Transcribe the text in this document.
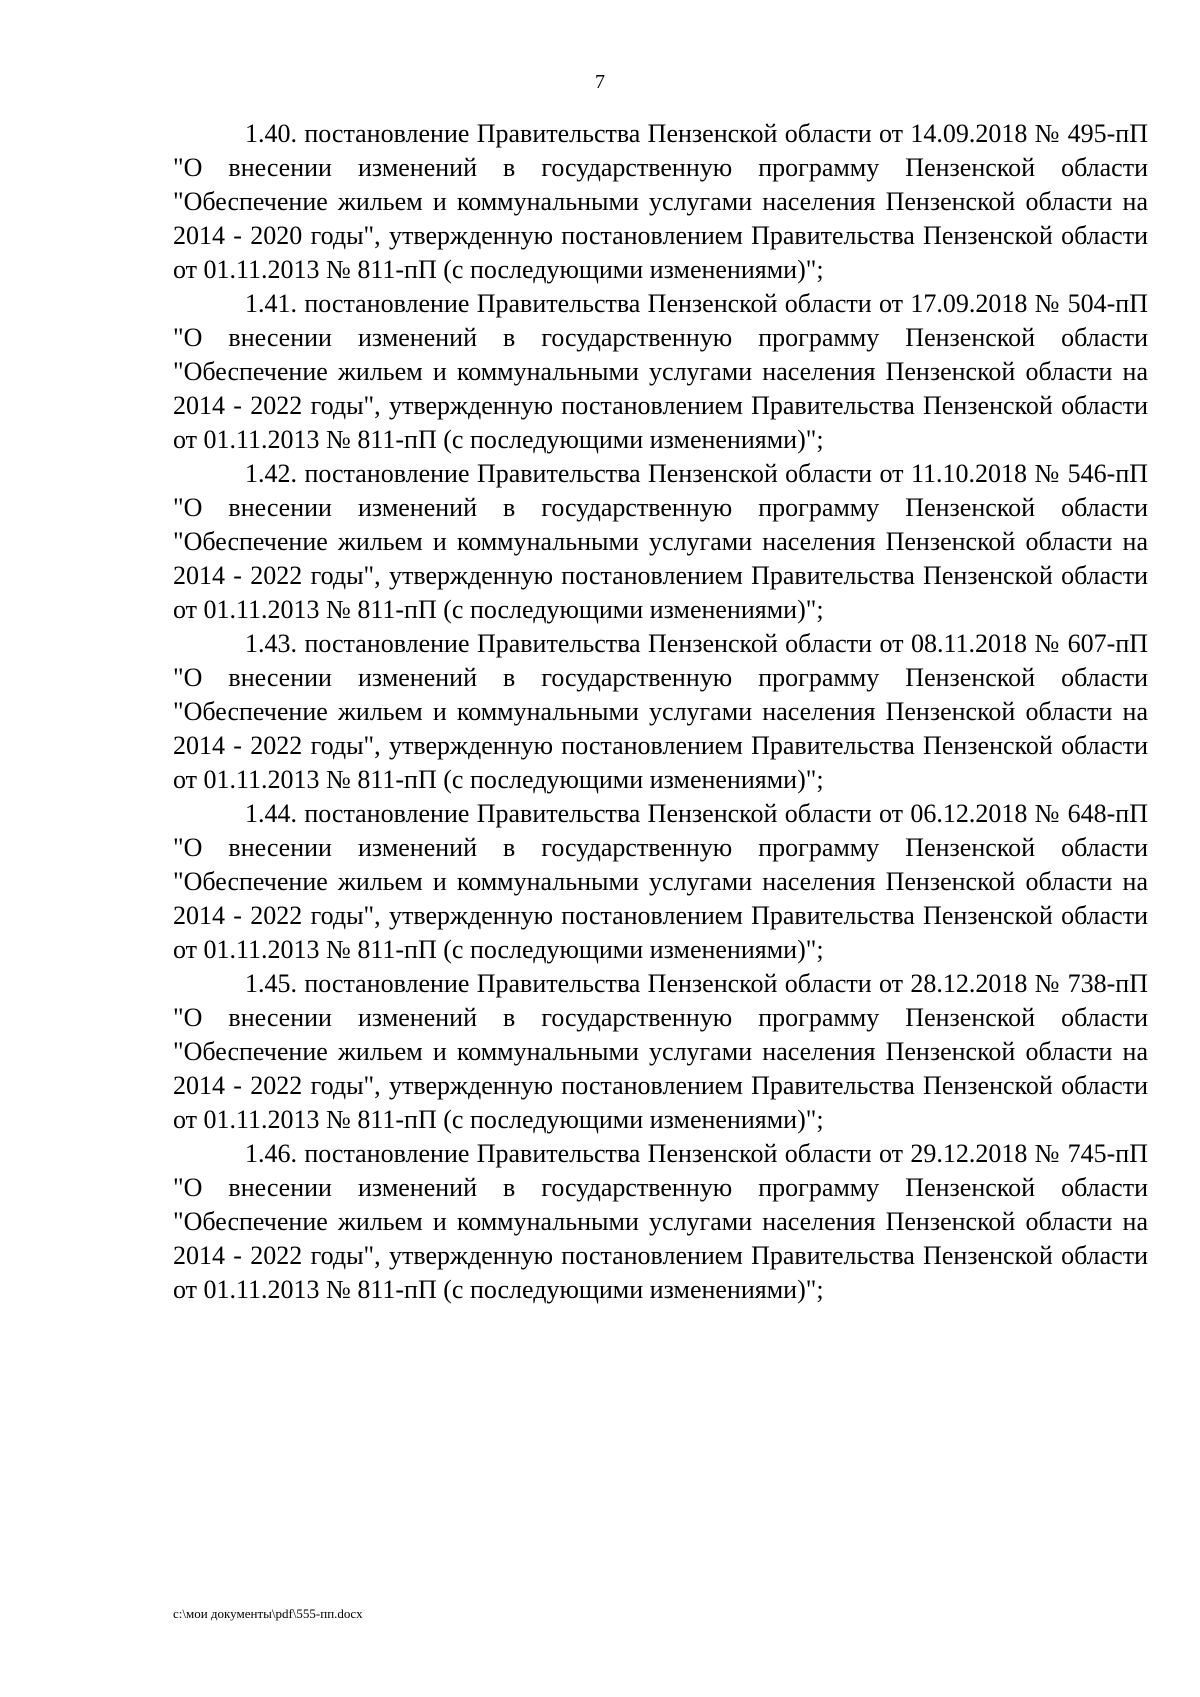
7

1.40. постановление Правительства Пензенской области от 14.09.2018 № 495-пП "О внесении изменений в государственную программу Пензенской области "Обеспечение жильем и коммунальными услугами населения Пензенской области на 2014 - 2020 годы", утвержденную постановлением Правительства Пензенской области от 01.11.2013 № 811-пП (с последующими изменениями)";

1.41. постановление Правительства Пензенской области от 17.09.2018 № 504-пП "О внесении изменений в государственную программу Пензенской области "Обеспечение жильем и коммунальными услугами населения Пензенской области на 2014 - 2022 годы", утвержденную постановлением Правительства Пензенской области от 01.11.2013 № 811-пП (с последующими изменениями)";

1.42. постановление Правительства Пензенской области от 11.10.2018 № 546-пП "О внесении изменений в государственную программу Пензенской области "Обеспечение жильем и коммунальными услугами населения Пензенской области на 2014 - 2022 годы", утвержденную постановлением Правительства Пензенской области от 01.11.2013 № 811-пП (с последующими изменениями)";

1.43. постановление Правительства Пензенской области от 08.11.2018 № 607-пП "О внесении изменений в государственную программу Пензенской области "Обеспечение жильем и коммунальными услугами населения Пензенской области на 2014 - 2022 годы", утвержденную постановлением Правительства Пензенской области от 01.11.2013 № 811-пП (с последующими изменениями)";

1.44. постановление Правительства Пензенской области от 06.12.2018 № 648-пП "О внесении изменений в государственную программу Пензенской области "Обеспечение жильем и коммунальными услугами населения Пензенской области на 2014 - 2022 годы", утвержденную постановлением Правительства Пензенской области от 01.11.2013 № 811-пП (с последующими изменениями)";

1.45. постановление Правительства Пензенской области от 28.12.2018 № 738-пП "О внесении изменений в государственную программу Пензенской области "Обеспечение жильем и коммунальными услугами населения Пензенской области на 2014 - 2022 годы", утвержденную постановлением Правительства Пензенской области от 01.11.2013 № 811-пП (с последующими изменениями)";

1.46. постановление Правительства Пензенской области от 29.12.2018 № 745-пП "О внесении изменений в государственную программу Пензенской области "Обеспечение жильем и коммунальными услугами населения Пензенской области на 2014 - 2022 годы", утвержденную постановлением Правительства Пензенской области от 01.11.2013 № 811-пП (с последующими изменениями)";

c:\мои документы\pdf\555-пп.docx
